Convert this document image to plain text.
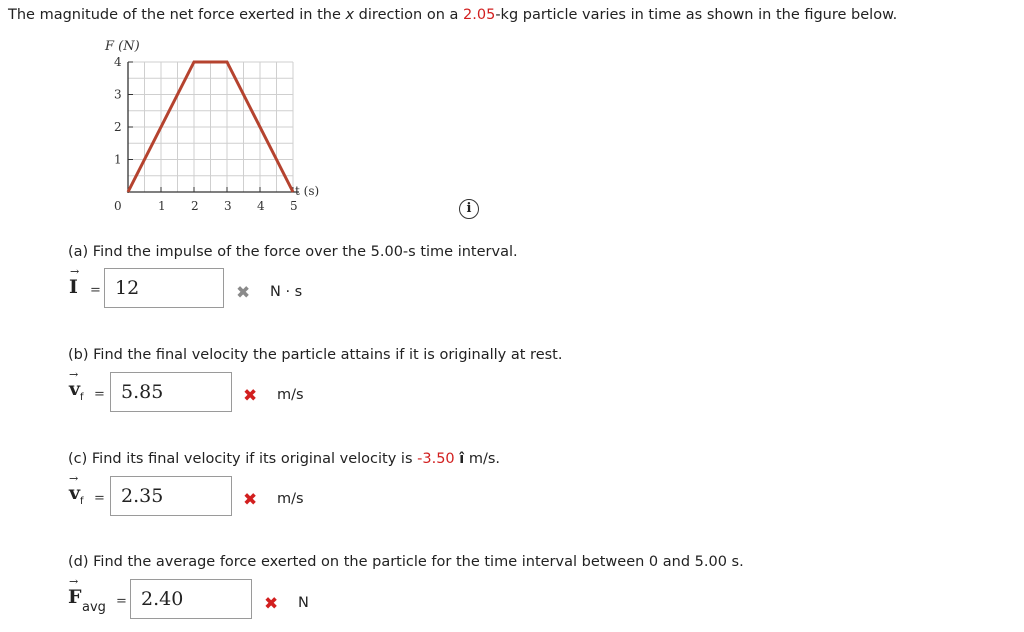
The magnitude of the net force exerted in the x direction on a 2.05-kg particle varies in time as shown in the figure below.
F (N)
1
2
3
4
0	1 2 3 4 5
t (s)
i
(a) Find the impulse of the force over the 5.00-s time interval.
→
I = 12	✖ N · s
(b) Find the final velocity the particle attains if it is originally at rest.
→
$v_f = 5.85$	✖ m/s
(c) Find its final velocity if its original velocity is -3.50 î m/s.
→
$v_f = 2.35$	✖ m/s
(d) Find the average force exerted on the particle for the time interval between 0 and 5.00 s.
→
F avg = 2.40	✖ N
